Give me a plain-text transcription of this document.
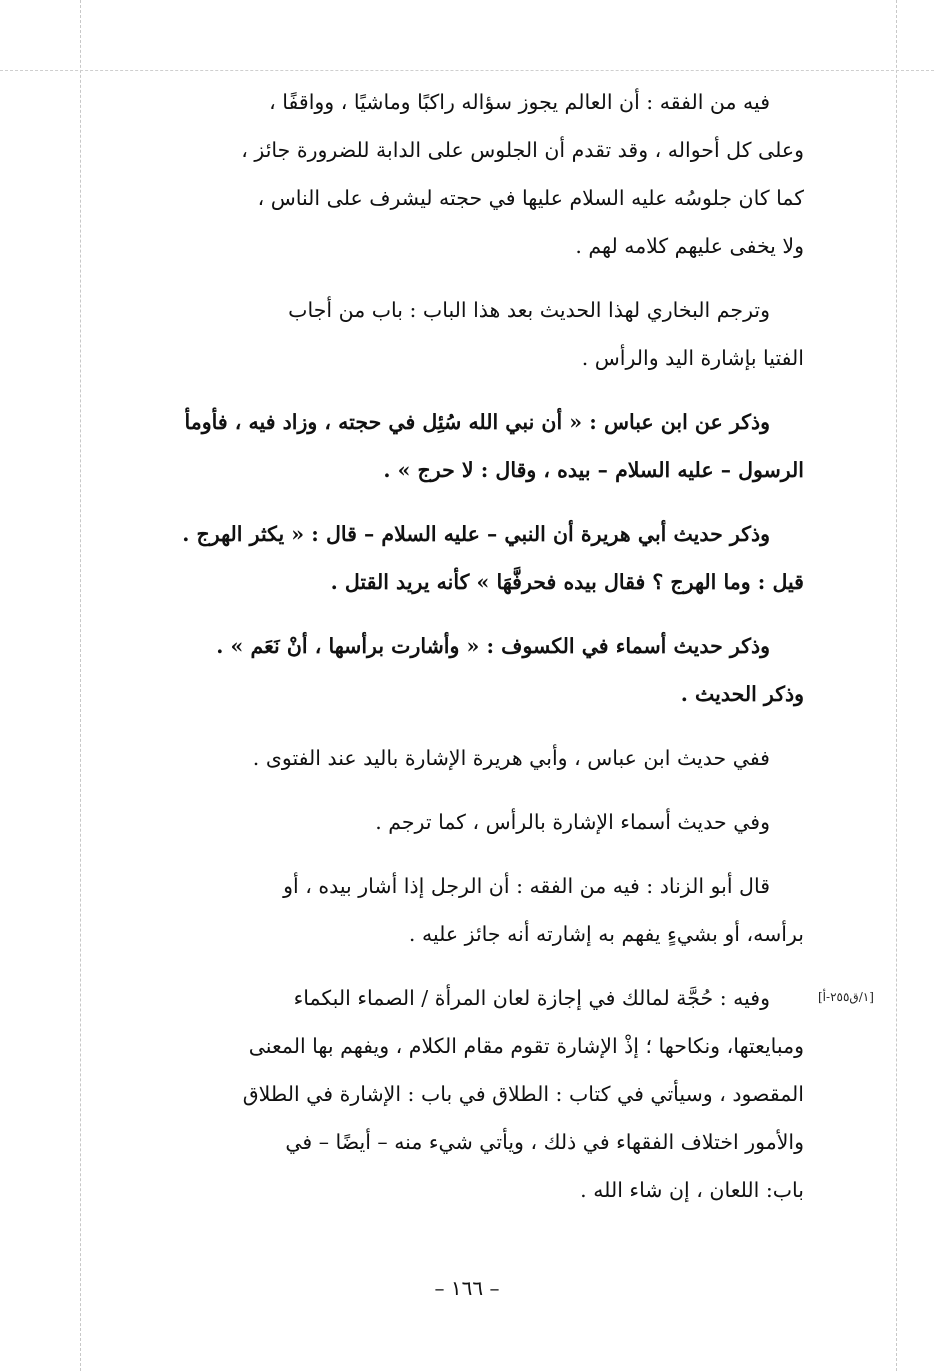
فيه من الفقه : أن العالم يجوز سؤاله راكبًا وماشيًا ، وواقفًا ،

وعلى كل أحواله ، وقد تقدم أن الجلوس على الدابة للضرورة جائز ،

كما كان جلوسُه عليه السلام عليها في حجته ليشرف على الناس ،

ولا يخفى عليهم كلامه لهم .

وترجم البخاري لهذا الحديث بعد هذا الباب : باب من أجاب

الفتيا بإشارة اليد والرأس .

وذكر عن ابن عباس : « أن نبي الله سُئِل في حجته ، وزاد فيه ، فأومأ

الرسول – عليه السلام – بيده ، وقال : لا حرج » .

وذكر حديث أبي هريرة أن النبي – عليه السلام – قال : « يكثر الهرج .

قيل : وما الهرج ؟ فقال بيده فحرفَّهَا » كأنه يريد القتل .

وذكر حديث أسماء في الكسوف : « وأشارت برأسها ، أنْ نَعَم » .

وذكر الحديث .

ففي حديث ابن عباس ، وأبي هريرة الإشارة باليد عند الفتوى .

وفي حديث أسماء الإشارة بالرأس ، كما ترجم .

قال أبو الزناد : فيه من الفقه : أن الرجل إذا أشار بيده ، أو

برأسه، أو بشيءٍ يفهم به إشارته أنه جائز عليه .

وفيه : حُجَّة لمالك في إجازة لعان المرأة / الصماء البكماء

ومبايعتها، ونكاحها ؛ إذْ الإشارة تقوم مقام الكلام ، ويفهم بها المعنى

المقصود ، وسيأتي في كتاب : الطلاق في باب : الإشارة في الطلاق

والأمور اختلاف الفقهاء في ذلك ، ويأتي شيء منه – أيضًا – في

باب: اللعان ، إن شاء الله .

[١/ق٢٥٥-أ]
– ١٦٦ –
